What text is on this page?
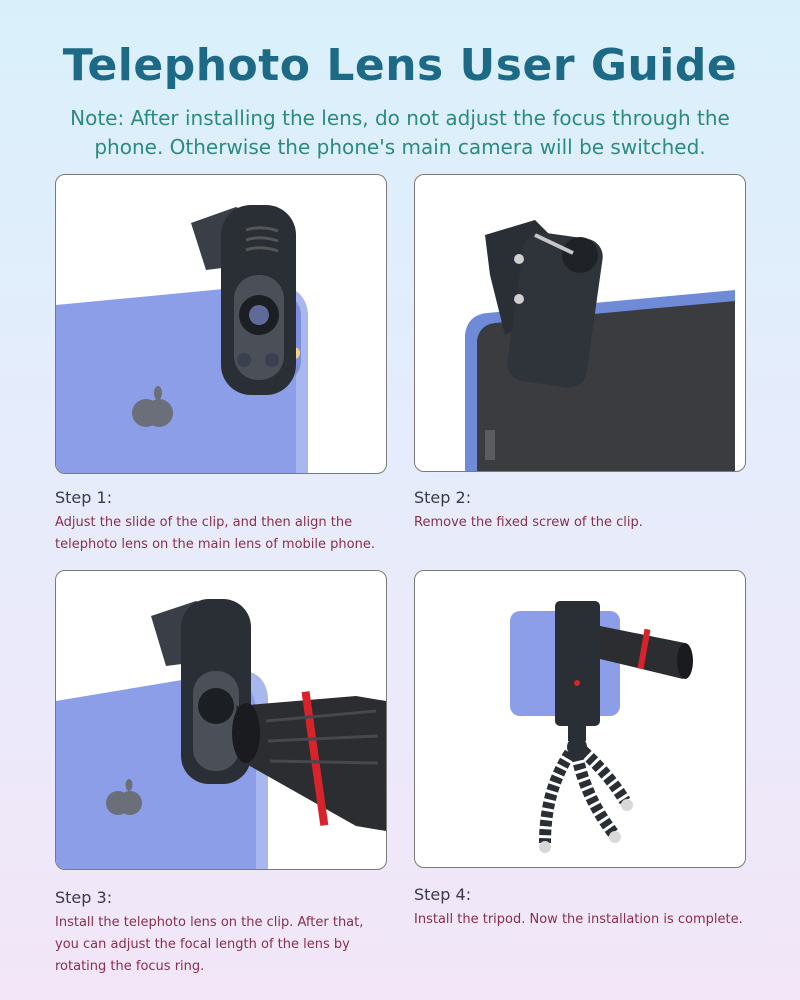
Telephoto Lens User Guide
Note: After installing the lens, do not adjust the focus through the phone. Otherwise the phone's main camera will be switched.
Step 1:
Adjust the slide of the clip, and then align the telephoto lens on the main lens of mobile phone.
Step 2:
Remove the fixed screw of the clip.
Step 3:
Install the telephoto lens on the clip. After that, you can adjust the focal length of the lens by rotating the focus ring.
Step 4:
Install the tripod. Now the installation is complete.
